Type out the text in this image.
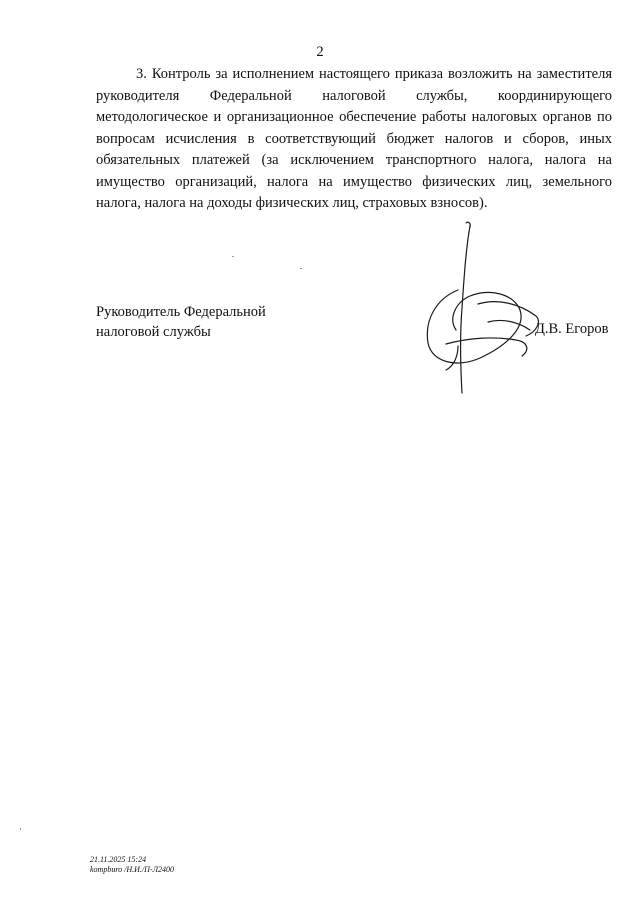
2

3. Контроль за исполнением настоящего приказа возложить на заместителя руководителя Федеральной налоговой службы, координирующего методологическое и организационное обеспечение работы налоговых органов по вопросам исчисления в соответствующий бюджет налогов и сборов, иных обязательных платежей (за исключением транспортного налога, налога на имущество организаций, налога на имущество физических лиц, земельного налога, налога на доходы физических лиц, страховых взносов).

Руководитель Федеральной
налоговой службы	Д.В. Егоров
21.11.2025 15:24
kompburo /Н.И./П-Л2400
